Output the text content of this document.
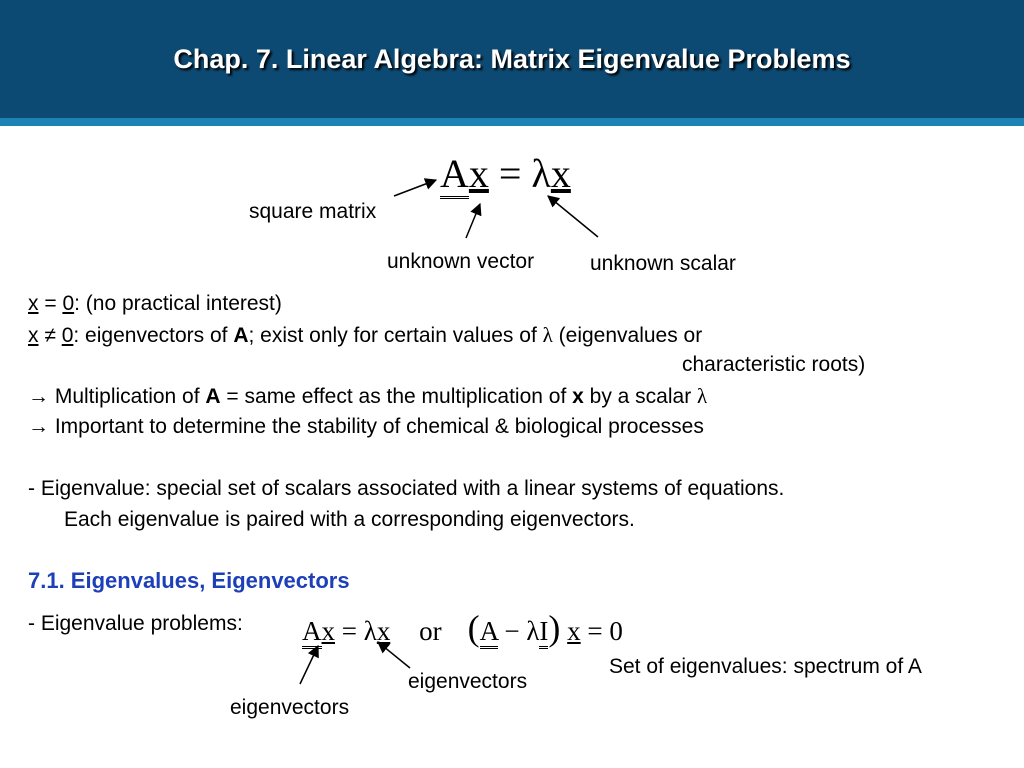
Chap. 7. Linear Algebra: Matrix Eigenvalue Problems
Ax = λx
square matrix
unknown vector	unknown scalar
x = 0: (no practical interest)
x ≠ 0: eigenvectors of A; exist only for certain values of λ (eigenvalues or
characteristic roots)
→ Multiplication of A = same effect as the multiplication of x by a scalar λ
→ Important to determine the stability of chemical & biological processes
- Eigenvalue: special set of scalars associated with a linear systems of equations.
Each eigenvalue is paired with a corresponding eigenvectors.
7.1. Eigenvalues, Eigenvectors
- Eigenvalue problems: Ax = λx or (A − λI) x = 0
Set of eigenvalues: spectrum of A
eigenvectors
eigenvectors
